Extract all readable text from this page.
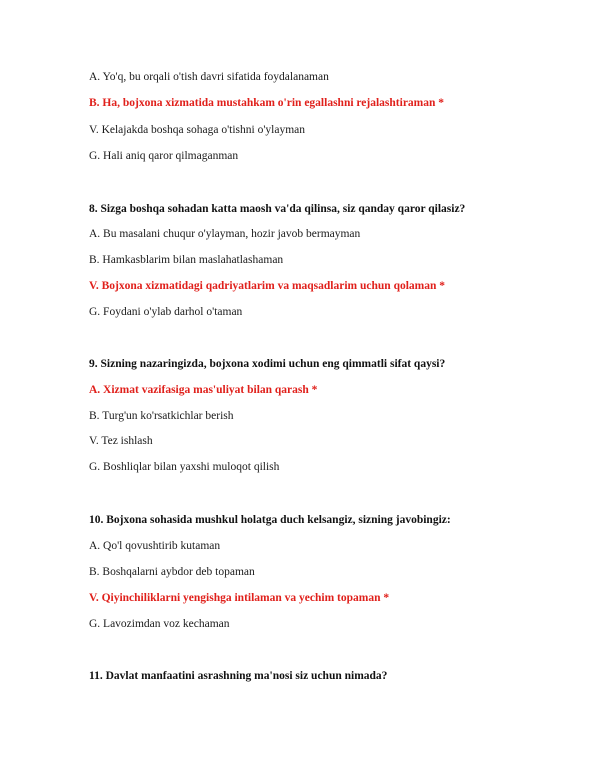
A. Yo'q, bu orqali o'tish davri sifatida foydalanaman
B. Ha, bojxona xizmatida mustahkam o'rin egallashni rejalashtiraman *
V. Kelajakda boshqa sohaga o'tishni o'ylayman
G. Hali aniq qaror qilmaganman
8. Sizga boshqa sohadan katta maosh va'da qilinsa, siz qanday qaror qilasiz?
A. Bu masalani chuqur o'ylayman, hozir javob bermayman
B. Hamkasblarim bilan maslahatlashaman
V. Bojxona xizmatidagi qadriyatlarim va maqsadlarim uchun qolaman *
G. Foydani o'ylab darhol o'taman
9. Sizning nazaringizda, bojxona xodimi uchun eng qimmatli sifat qaysi?
A. Xizmat vazifasiga mas'uliyat bilan qarash *
B. Turg'un ko'rsatkichlar berish
V. Tez ishlash
G. Boshliqlar bilan yaxshi muloqot qilish
10. Bojxona sohasida mushkul holatga duch kelsangiz, sizning javobingiz:
A. Qo'l qovushtirib kutaman
B. Boshqalarni aybdor deb topaman
V. Qiyinchiliklarni yengishga intilaman va yechim topaman *
G. Lavozimdan voz kechaman
11. Davlat manfaatini asrashning ma'nosi siz uchun nimada?
